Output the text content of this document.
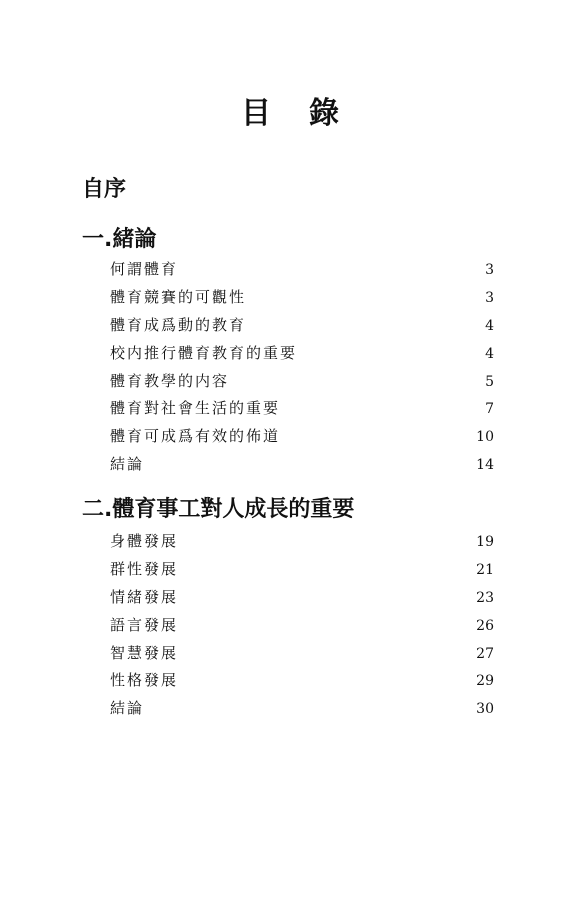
目 錄
自序
一.緒論
何謂體育	3
體育競賽的可觀性	3
體育成爲動的教育	4
校内推行體育教育的重要	4
體育教學的内容	5
體育對社會生活的重要	7
體育可成爲有效的佈道	10
結論	14
二.體育事工對人成長的重要
身體發展	19
群性發展	21
情緒發展	23
語言發展	26
智慧發展	27
性格發展	29
結論	30
